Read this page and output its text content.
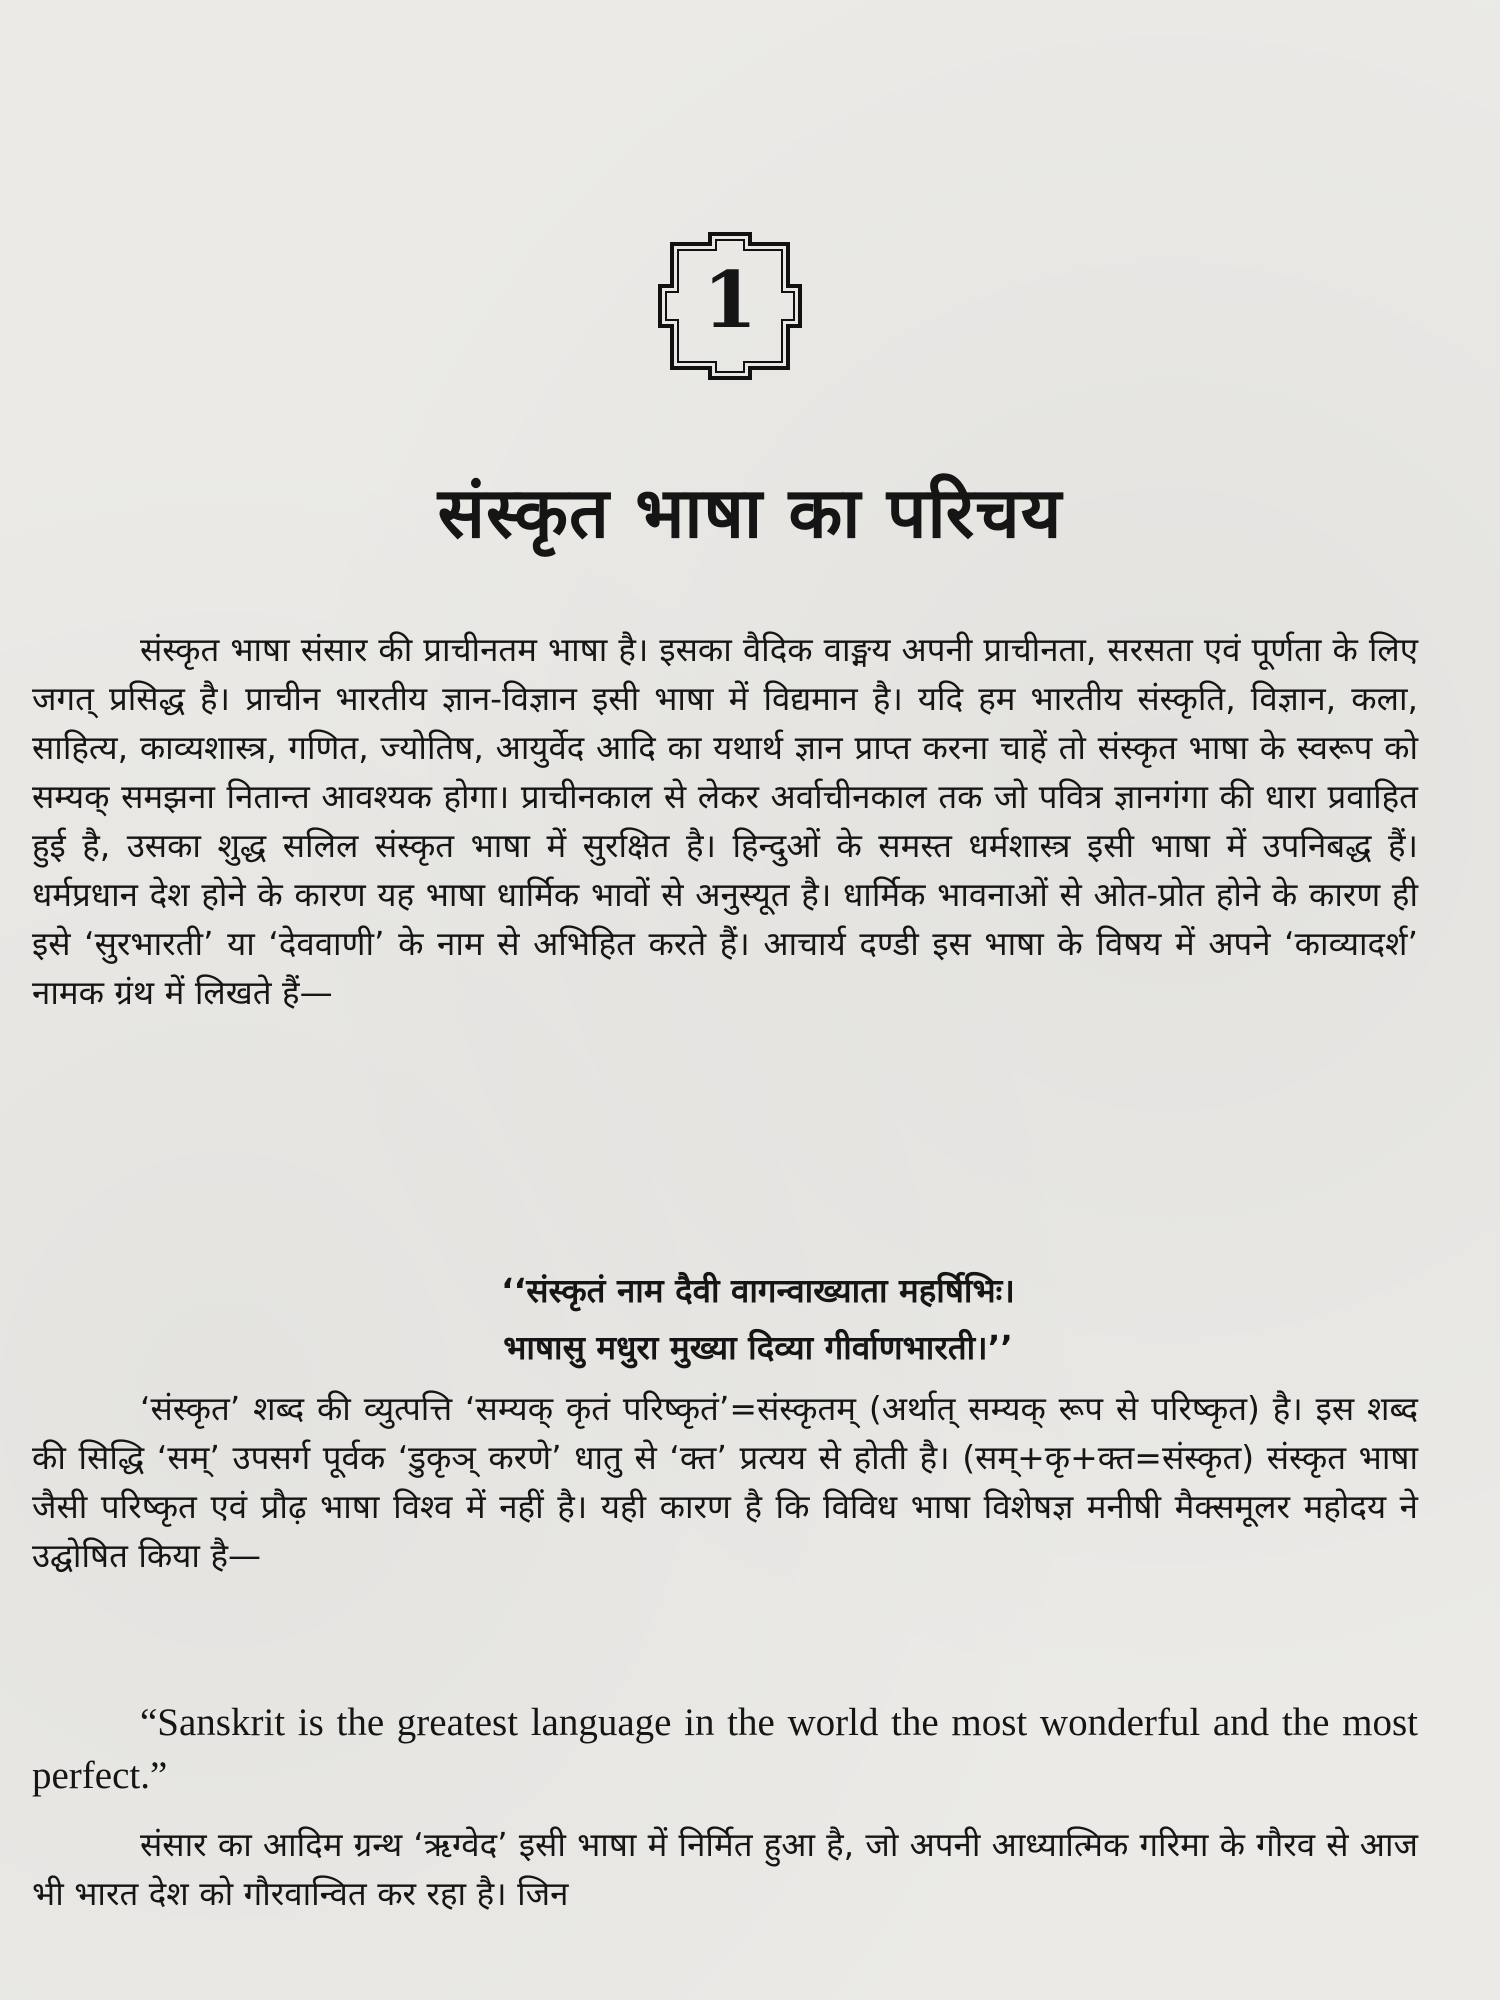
1
संस्कृत भाषा का परिचय
संस्कृत भाषा संसार की प्राचीनतम भाषा है। इसका वैदिक वाङ्मय अपनी प्राचीनता, सरसता एवं पूर्णता के लिए जगत् प्रसिद्ध है। प्राचीन भारतीय ज्ञान-विज्ञान इसी भाषा में विद्यमान है। यदि हम भारतीय संस्कृति, विज्ञान, कला, साहित्य, काव्यशास्त्र, गणित, ज्योतिष, आयुर्वेद आदि का यथार्थ ज्ञान प्राप्त करना चाहें तो संस्कृत भाषा के स्वरूप को सम्यक् समझना नितान्त आवश्यक होगा। प्राचीनकाल से लेकर अर्वाचीनकाल तक जो पवित्र ज्ञानगंगा की धारा प्रवाहित हुई है, उसका शुद्ध सलिल संस्कृत भाषा में सुरक्षित है। हिन्दुओं के समस्त धर्मशास्त्र इसी भाषा में उपनिबद्ध हैं। धर्मप्रधान देश होने के कारण यह भाषा धार्मिक भावों से अनुस्यूत है। धार्मिक भावनाओं से ओत-प्रोत होने के कारण ही इसे ‘सुरभारती’ या ‘देववाणी’ के नाम से अभिहित करते हैं। आचार्य दण्डी इस भाषा के विषय में अपने ‘काव्यादर्श’ नामक ग्रंथ में लिखते हैं—
‘‘संस्कृतं नाम दैवी वागन्वाख्याता महर्षिभिः।
भाषासु मधुरा मुख्या दिव्या गीर्वाणभारती।’’
‘संस्कृत’ शब्द की व्युत्पत्ति ‘सम्यक् कृतं परिष्कृतं’=संस्कृतम् (अर्थात् सम्यक् रूप से परिष्कृत) है। इस शब्द की सिद्धि ‘सम्’ उपसर्ग पूर्वक ‘डुकृञ् करणे’ धातु से ‘क्त’ प्रत्यय से होती है। (सम्+कृ+क्त=संस्कृत) संस्कृत भाषा जैसी परिष्कृत एवं प्रौढ़ भाषा विश्व में नहीं है। यही कारण है कि विविध भाषा विशेषज्ञ मनीषी मैक्समूलर महोदय ने उद्घोषित किया है—
“Sanskrit is the greatest language in the world the most wonderful and the most perfect.”
संसार का आदिम ग्रन्थ ‘ऋग्वेद’ इसी भाषा में निर्मित हुआ है, जो अपनी आध्यात्मिक गरिमा के गौरव से आज भी भारत देश को गौरवान्वित कर रहा है। जिन
